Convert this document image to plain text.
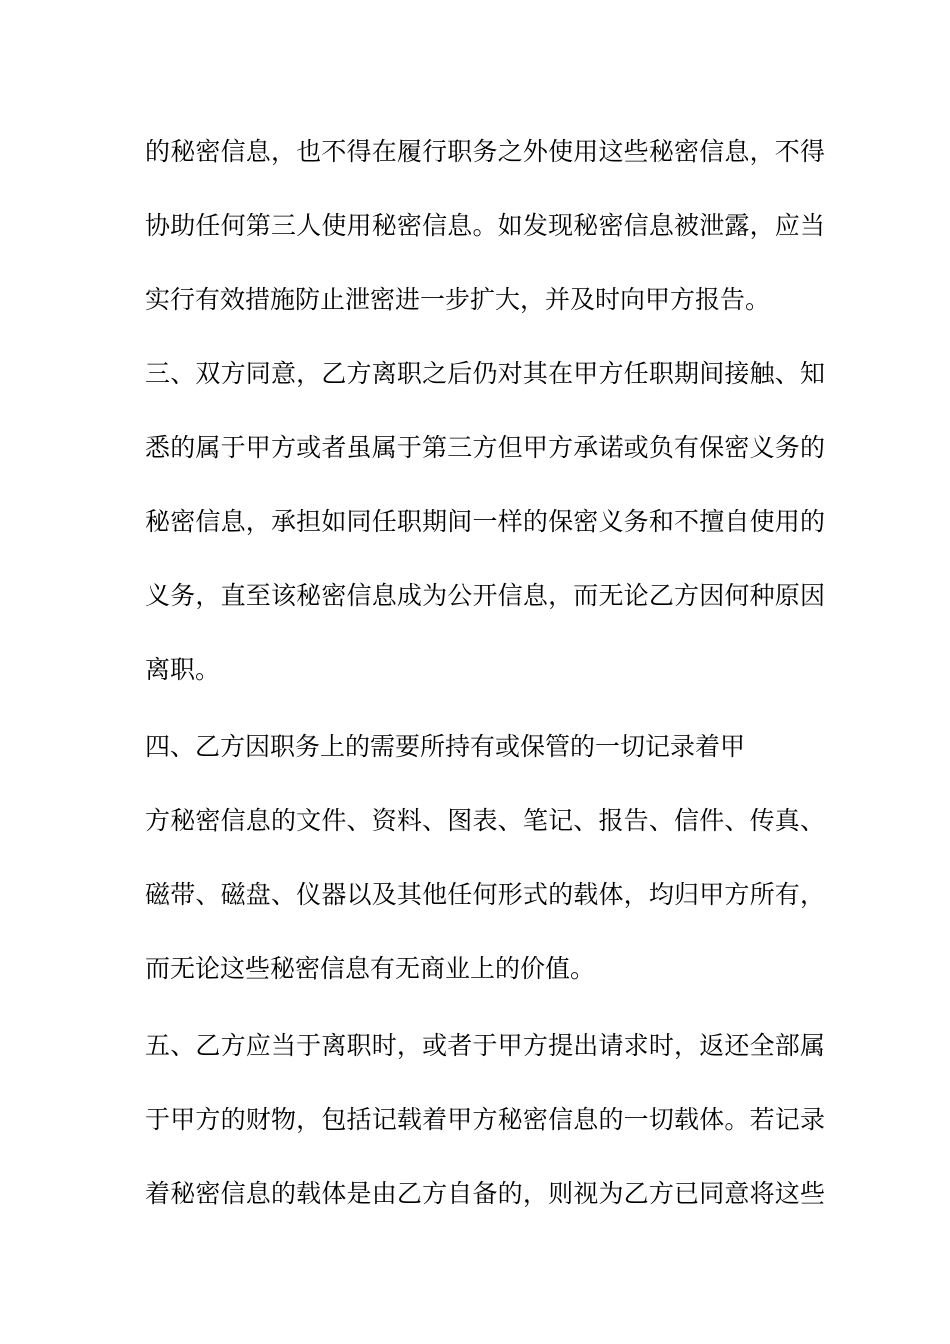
的秘密信息，也不得在履行职务之外使用这些秘密信息，不得
协助任何第三人使用秘密信息。如发现秘密信息被泄露，应当
实行有效措施防止泄密进一步扩大，并及时向甲方报告。
三、双方同意，乙方离职之后仍对其在甲方任职期间接触、知
悉的属于甲方或者虽属于第三方但甲方承诺或负有保密义务的
秘密信息，承担如同任职期间一样的保密义务和不擅自使用的
义务，直至该秘密信息成为公开信息，而无论乙方因何种原因
离职。
四、乙方因职务上的需要所持有或保管的一切记录着甲
方秘密信息的文件、资料、图表、笔记、报告、信件、传真、
磁带、磁盘、仪器以及其他任何形式的载体，均归甲方所有，
而无论这些秘密信息有无商业上的价值。
五、乙方应当于离职时，或者于甲方提出请求时，返还全部属
于甲方的财物，包括记载着甲方秘密信息的一切载体。若记录
着秘密信息的载体是由乙方自备的，则视为乙方已同意将这些
